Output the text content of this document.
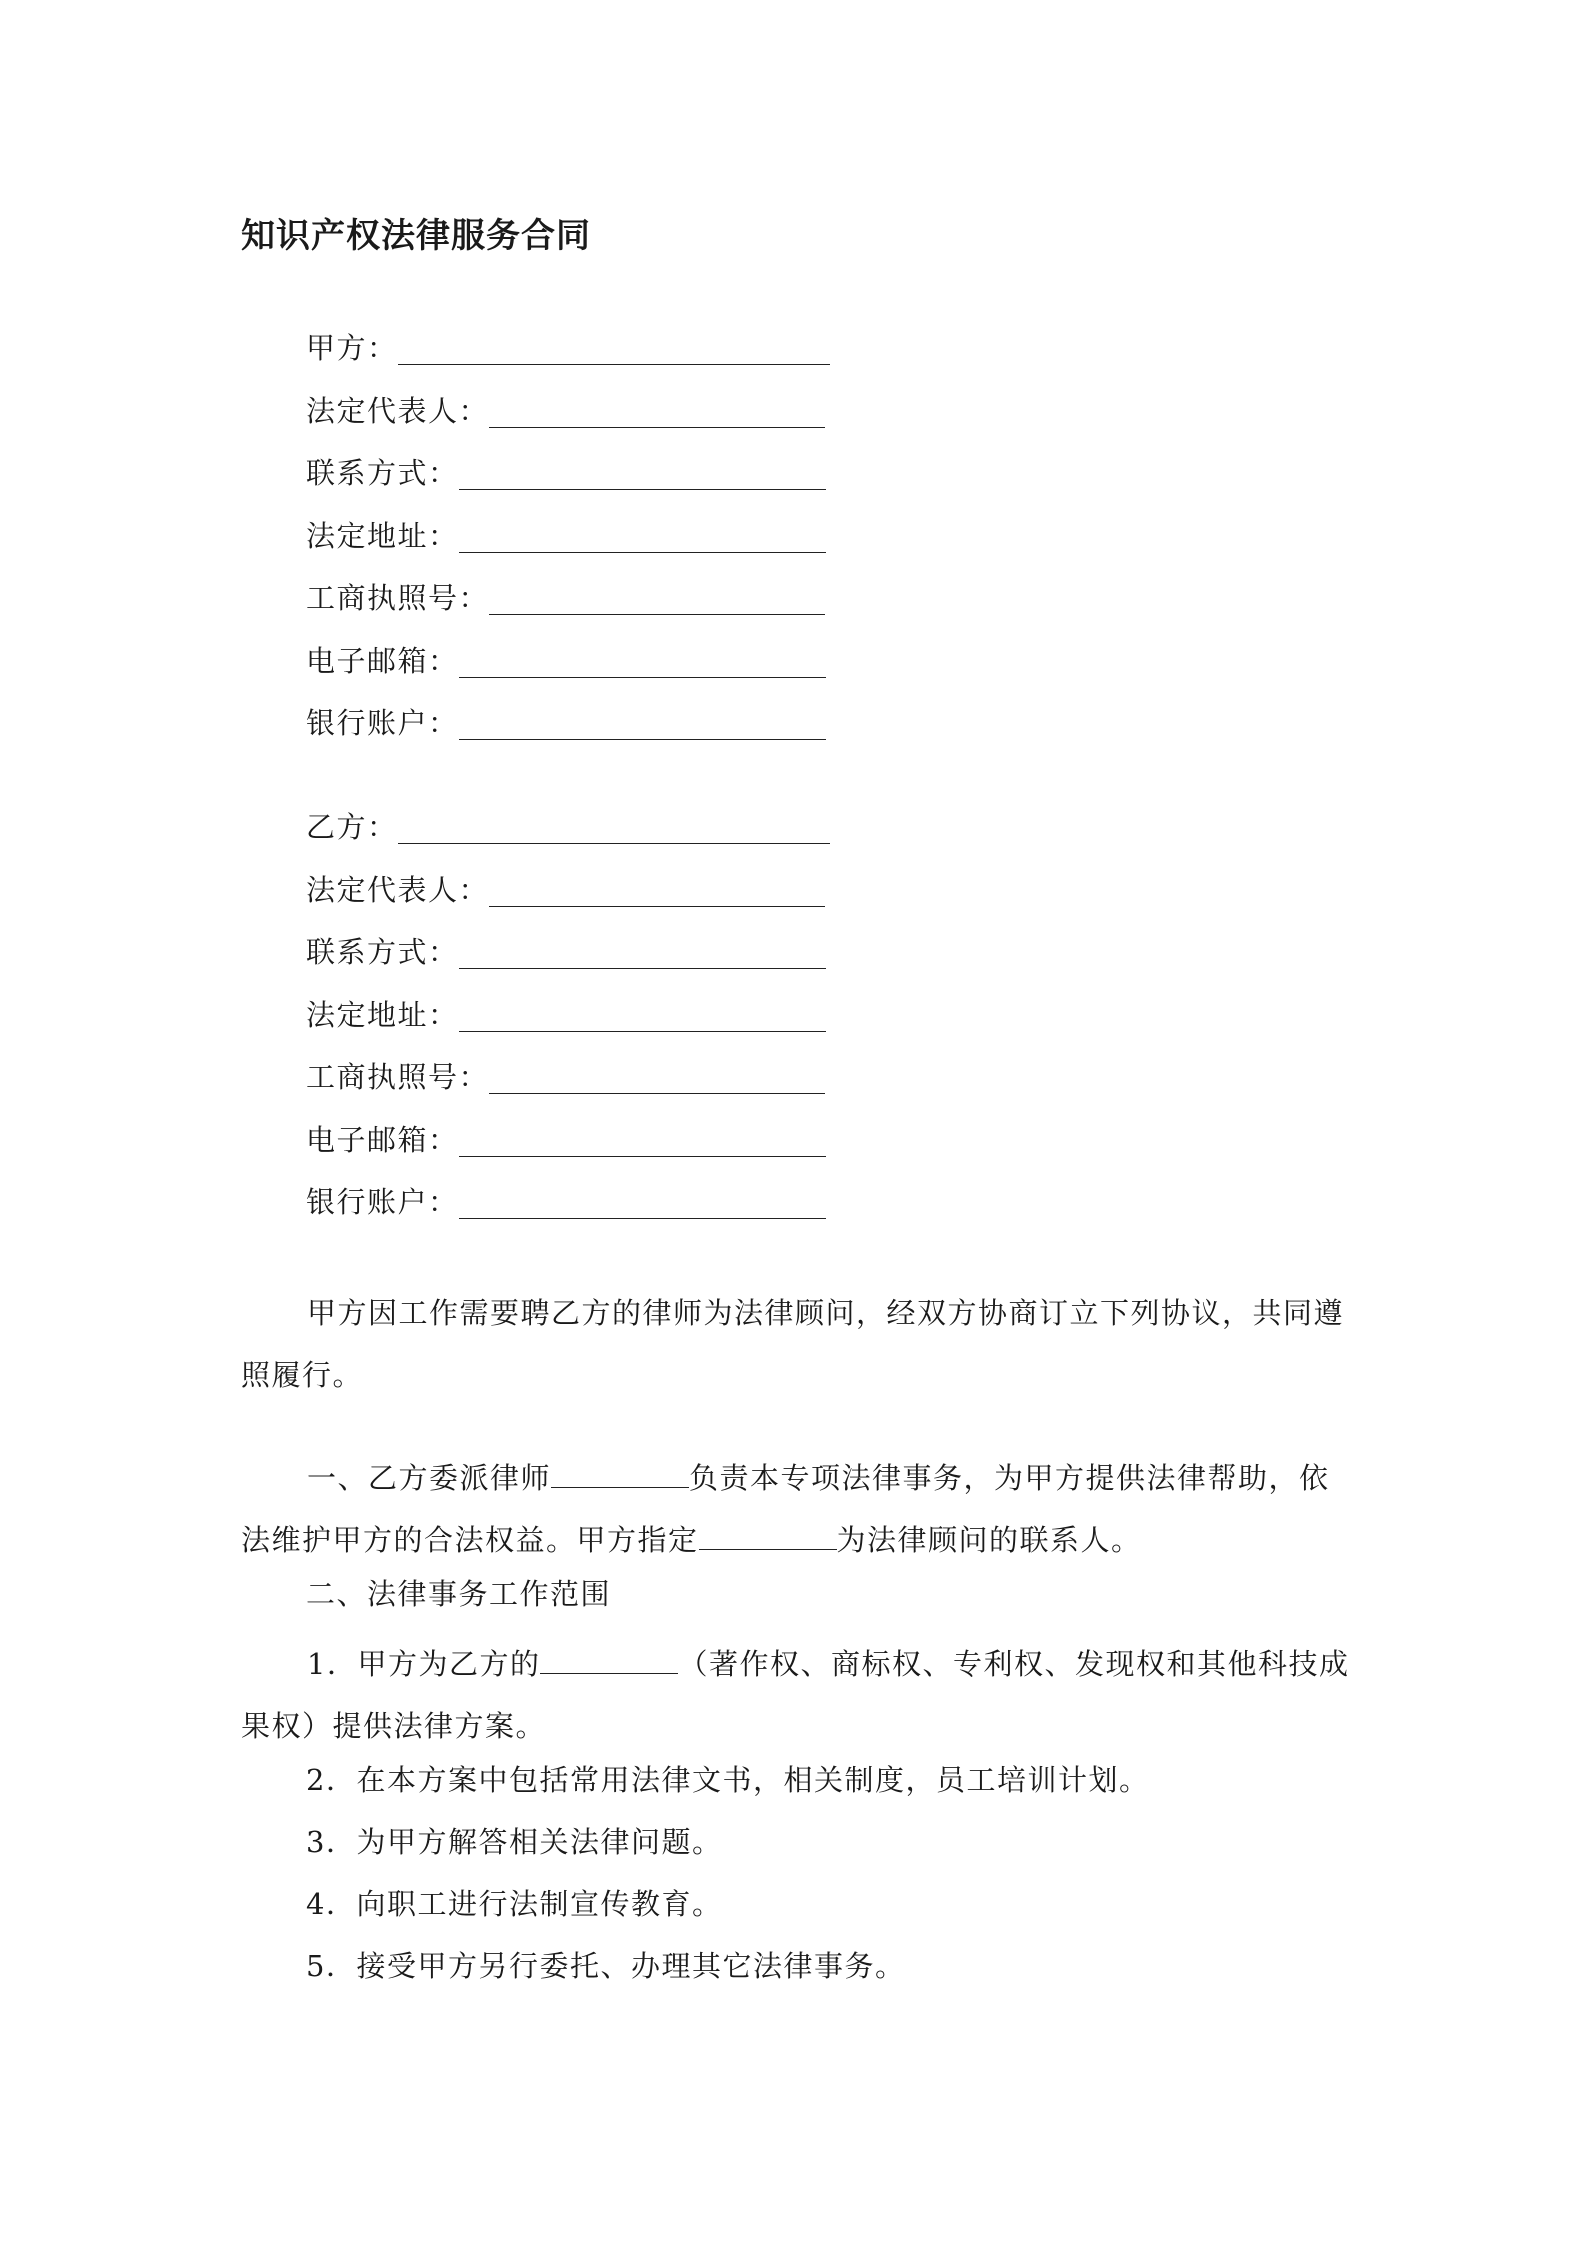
知识产权法律服务合同
甲方：
法定代表人：
联系方式：
法定地址：
工商执照号：
电子邮箱：
银行账户：
乙方：
法定代表人：
联系方式：
法定地址：
工商执照号：
电子邮箱：
银行账户：
甲方因工作需要聘乙方的律师为法律顾问，经双方协商订立下列协议，共同遵照履行。
一、乙方委派律师	负责本专项法律事务，为甲方提供法律帮助，依法维护甲方的合法权益。甲方指定	为法律顾问的联系人。
二、法律事务工作范围
1．甲方为乙方的	（著作权、商标权、专利权、发现权和其他科技成果权）提供法律方案。
2．在本方案中包括常用法律文书，相关制度，员工培训计划。
3．为甲方解答相关法律问题。
4．向职工进行法制宣传教育。
5．接受甲方另行委托、办理其它法律事务。
